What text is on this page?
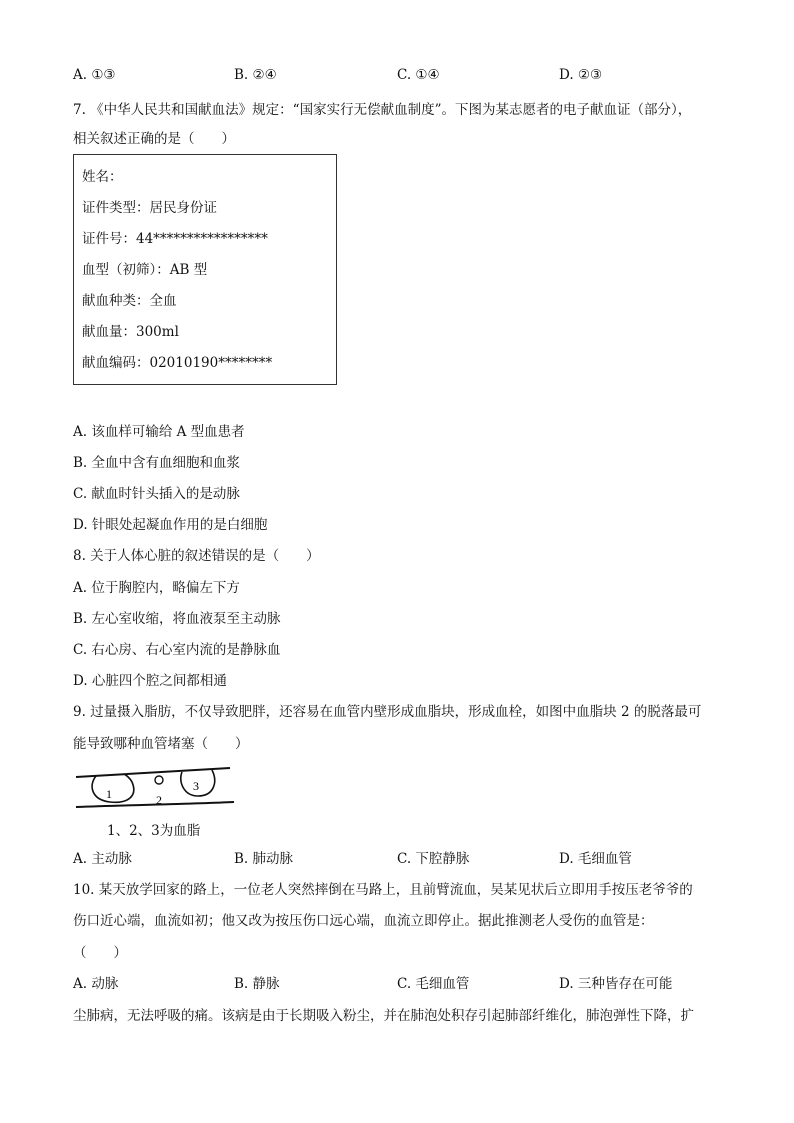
A. ①③	B. ②④	C. ①④	D. ②③
7. 《中华人民共和国献血法》规定：“国家实行无偿献血制度”。下图为某志愿者的电子献血证（部分），
相关叙述正确的是（　　）
姓名：
证件类型：居民身份证
证件号：44*****************
血型（初筛）：AB 型
献血种类：全血
献血量：300ml
献血编码：02010190********
A. 该血样可输给 A 型血患者
B. 全血中含有血细胞和血浆
C. 献血时针头插入的是动脉
D. 针眼处起凝血作用的是白细胞
8. 关于人体心脏的叙述错误的是（　　）
A. 位于胸腔内，略偏左下方
B. 左心室收缩，将血液泵至主动脉
C. 右心房、右心室内流的是静脉血
D. 心脏四个腔之间都相通
9. 过量摄入脂肪，不仅导致肥胖，还容易在血管内壁形成血脂块，形成血栓，如图中血脂块 2 的脱落最可
能导致哪种血管堵塞（　　）
1	2
3
1、2、3为血脂
A. 主动脉	B. 肺动脉	C. 下腔静脉	D. 毛细血管
10. 某天放学回家的路上，一位老人突然摔倒在马路上，且前臂流血，吴某见状后立即用手按压老爷爷的
伤口近心端，血流如初；他又改为按压伤口远心端，血流立即停止。据此推测老人受伤的血管是：
（　　）
A. 动脉	B. 静脉	C. 毛细血管	D. 三种皆存在可能
尘肺病，无法呼吸的痛。该病是由于长期吸入粉尘，并在肺泡处积存引起肺部纤维化，肺泡弹性下降，扩
